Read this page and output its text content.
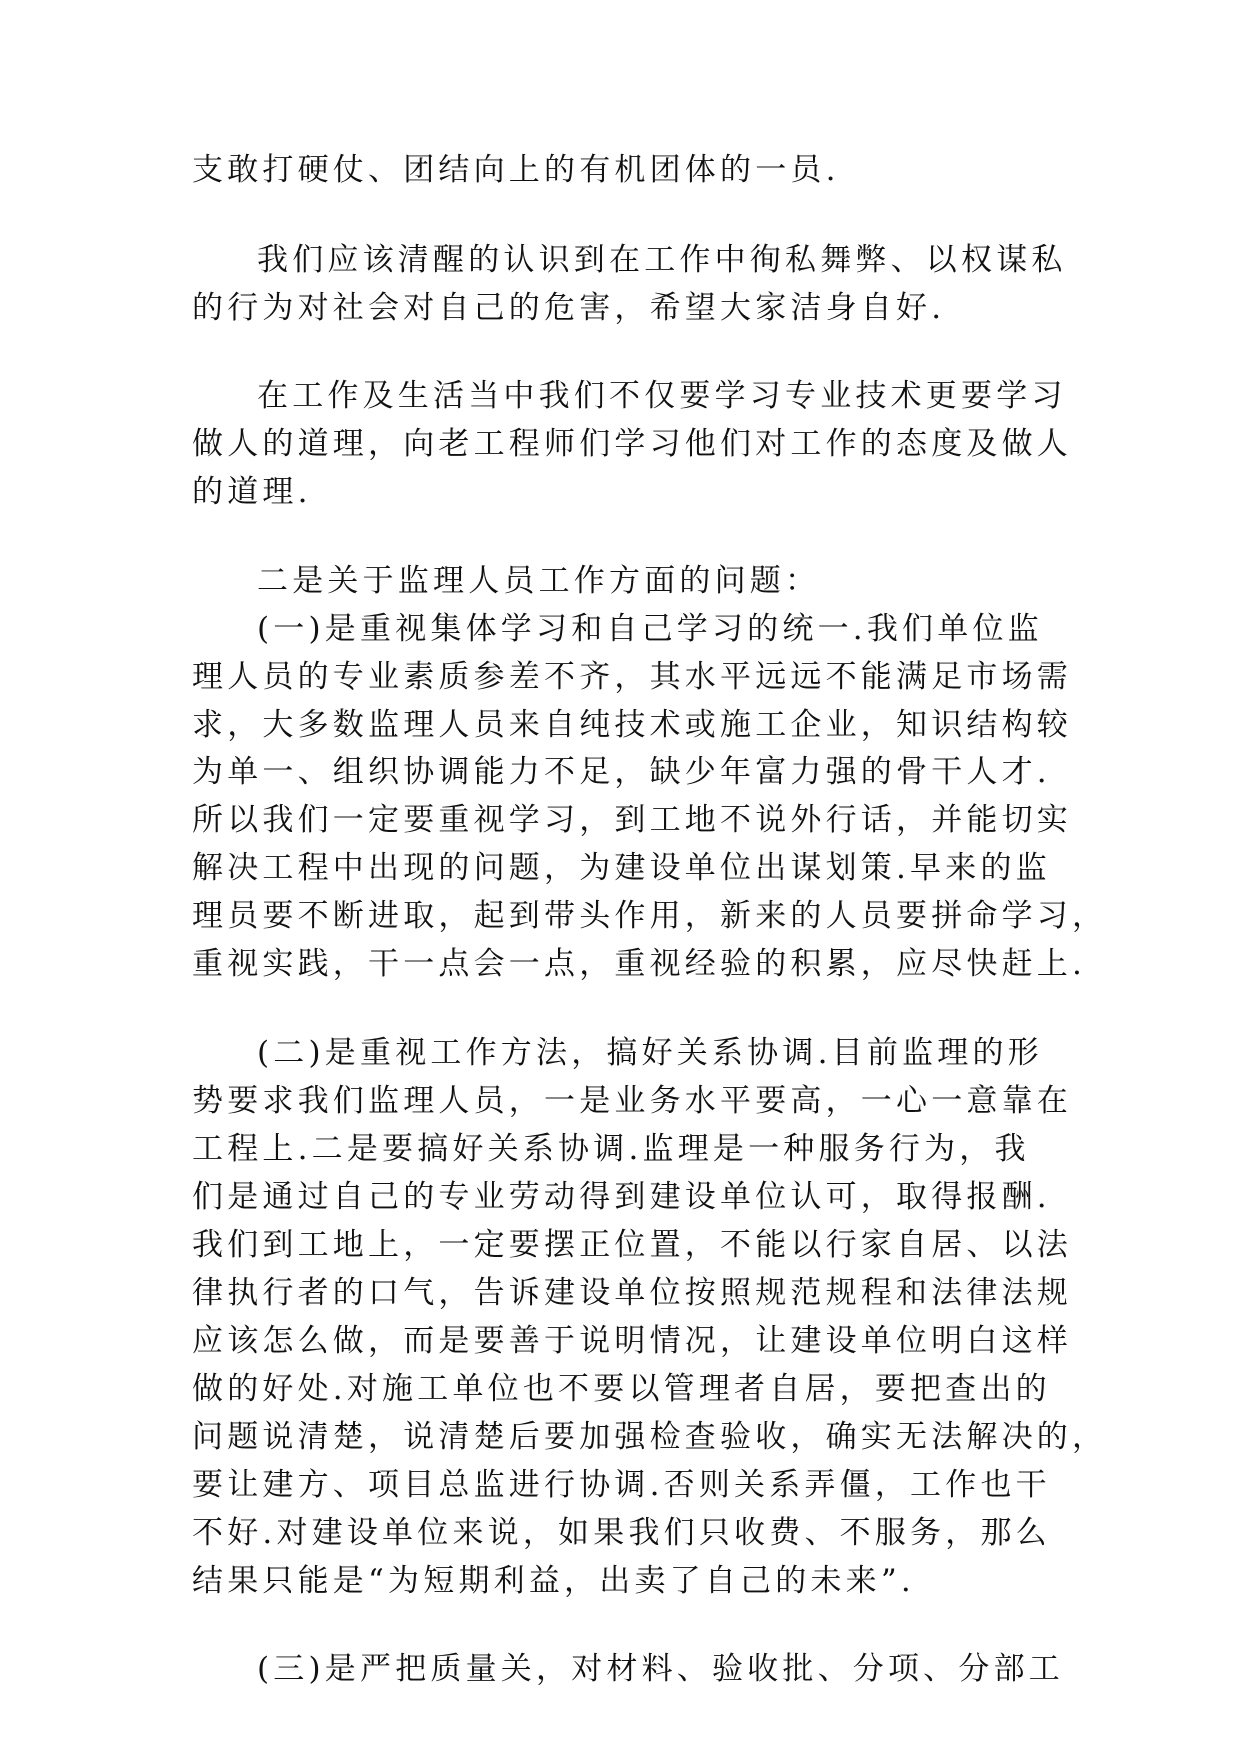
支敢打硬仗、团结向上的有机团体的一员.
我们应该清醒的认识到在工作中徇私舞弊、以权谋私
的行为对社会对自己的危害，希望大家洁身自好.
在工作及生活当中我们不仅要学习专业技术更要学习
做人的道理，向老工程师们学习他们对工作的态度及做人
的道理.
二是关于监理人员工作方面的问题：
(一)是重视集体学习和自己学习的统一.我们单位监
理人员的专业素质参差不齐，其水平远远不能满足市场需
求，大多数监理人员来自纯技术或施工企业，知识结构较
为单一、组织协调能力不足，缺少年富力强的骨干人才.
所以我们一定要重视学习，到工地不说外行话，并能切实
解决工程中出现的问题，为建设单位出谋划策.早来的监
理员要不断进取，起到带头作用，新来的人员要拼命学习，
重视实践，干一点会一点，重视经验的积累，应尽快赶上.
(二)是重视工作方法，搞好关系协调.目前监理的形
势要求我们监理人员，一是业务水平要高，一心一意靠在
工程上.二是要搞好关系协调.监理是一种服务行为，我
们是通过自己的专业劳动得到建设单位认可，取得报酬.
我们到工地上，一定要摆正位置，不能以行家自居、以法
律执行者的口气，告诉建设单位按照规范规程和法律法规
应该怎么做，而是要善于说明情况，让建设单位明白这样
做的好处.对施工单位也不要以管理者自居，要把查出的
问题说清楚，说清楚后要加强检查验收，确实无法解决的，
要让建方、项目总监进行协调.否则关系弄僵，工作也干
不好.对建设单位来说，如果我们只收费、不服务，那么
结果只能是“为短期利益，出卖了自己的未来”.
(三)是严把质量关，对材料、验收批、分项、分部工
